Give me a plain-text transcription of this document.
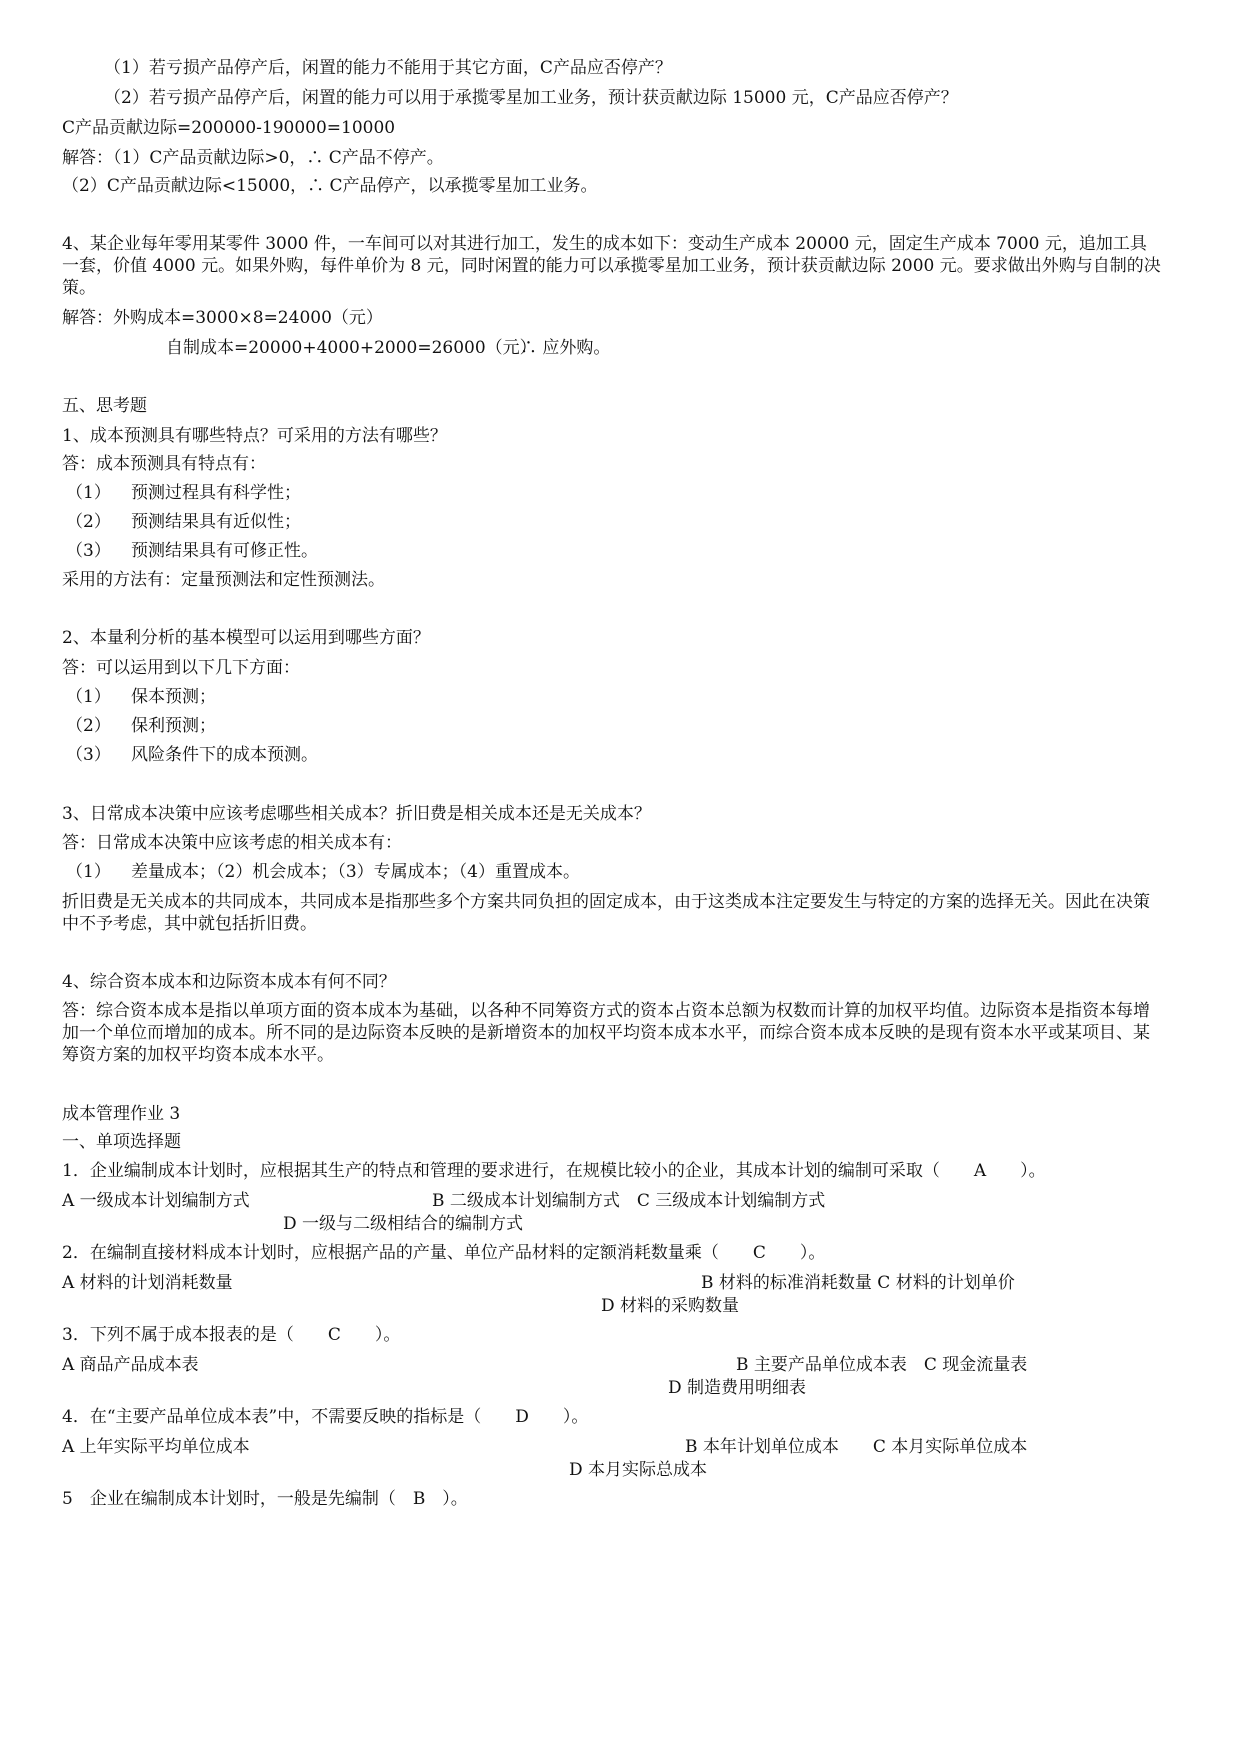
（1）若亏损产品停产后，闲置的能力不能用于其它方面，C产品应否停产？
（2）若亏损产品停产后，闲置的能力可以用于承揽零星加工业务，预计获贡献边际 15000 元，C产品应否停产？
C产品贡献边际=200000-190000=10000
解答：（1）C产品贡献边际>0，∴ C产品不停产。
（2）C产品贡献边际<15000，∴ C产品停产，以承揽零星加工业务。
4、某企业每年零用某零件 3000 件，一车间可以对其进行加工，发生的成本如下：变动生产成本 20000 元，固定生产成本 7000 元，追加工具一套，价值 4000 元。如果外购，每件单价为 8 元，同时闲置的能力可以承揽零星加工业务，预计获贡献边际 2000 元。要求做出外购与自制的决策。
解答：外购成本=3000×8=24000（元）
自制成本=20000+4000+2000=26000（元）
∴ 应外购。
五、思考题
1、成本预测具有哪些特点？可采用的方法有哪些？
答：成本预测具有特点有：
（1） 预测过程具有科学性；
（2） 预测结果具有近似性；
（3） 预测结果具有可修正性。
采用的方法有：定量预测法和定性预测法。
2、本量利分析的基本模型可以运用到哪些方面？
答：可以运用到以下几下方面：
（1） 保本预测；
（2） 保利预测；
（3） 风险条件下的成本预测。
3、日常成本决策中应该考虑哪些相关成本？折旧费是相关成本还是无关成本？
答：日常成本决策中应该考虑的相关成本有：
（1） 差量成本；（2）机会成本；（3）专属成本；（4）重置成本。
折旧费是无关成本的共同成本，共同成本是指那些多个方案共同负担的固定成本，由于这类成本注定要发生与特定的方案的选择无关。因此在决策中不予考虑，其中就包括折旧费。
4、综合资本成本和边际资本成本有何不同？
答：综合资本成本是指以单项方面的资本成本为基础，以各种不同筹资方式的资本占资本总额为权数而计算的加权平均值。边际资本是指资本每增加一个单位而增加的成本。所不同的是边际资本反映的是新增资本的加权平均资本成本水平，而综合资本成本反映的是现有资本水平或某项目、某筹资方案的加权平均资本成本水平。
成本管理作业 3
一、单项选择题
1．企业编制成本计划时，应根据其生产的特点和管理的要求进行，在规模比较小的企业，其成本计划的编制可采取（　　A　　）。
A 一级成本计划编制方式	B 二级成本计划编制方式　C 三级成本计划编制方式
D 一级与二级相结合的编制方式
2．在编制直接材料成本计划时，应根据产品的产量、单位产品材料的定额消耗数量乘（　　C　　）。
A 材料的计划消耗数量	B 材料的标准消耗数量 C 材料的计划单价
D 材料的采购数量
3．下列不属于成本报表的是（　　C　　）。
A 商品产品成本表	B 主要产品单位成本表　C 现金流量表
D 制造费用明细表
4．在“主要产品单位成本表”中，不需要反映的指标是（　　D　　）。
A 上年实际平均单位成本	B 本年计划单位成本　　C 本月实际单位成本
D 本月实际总成本
5　企业在编制成本计划时，一般是先编制（　B　）。
